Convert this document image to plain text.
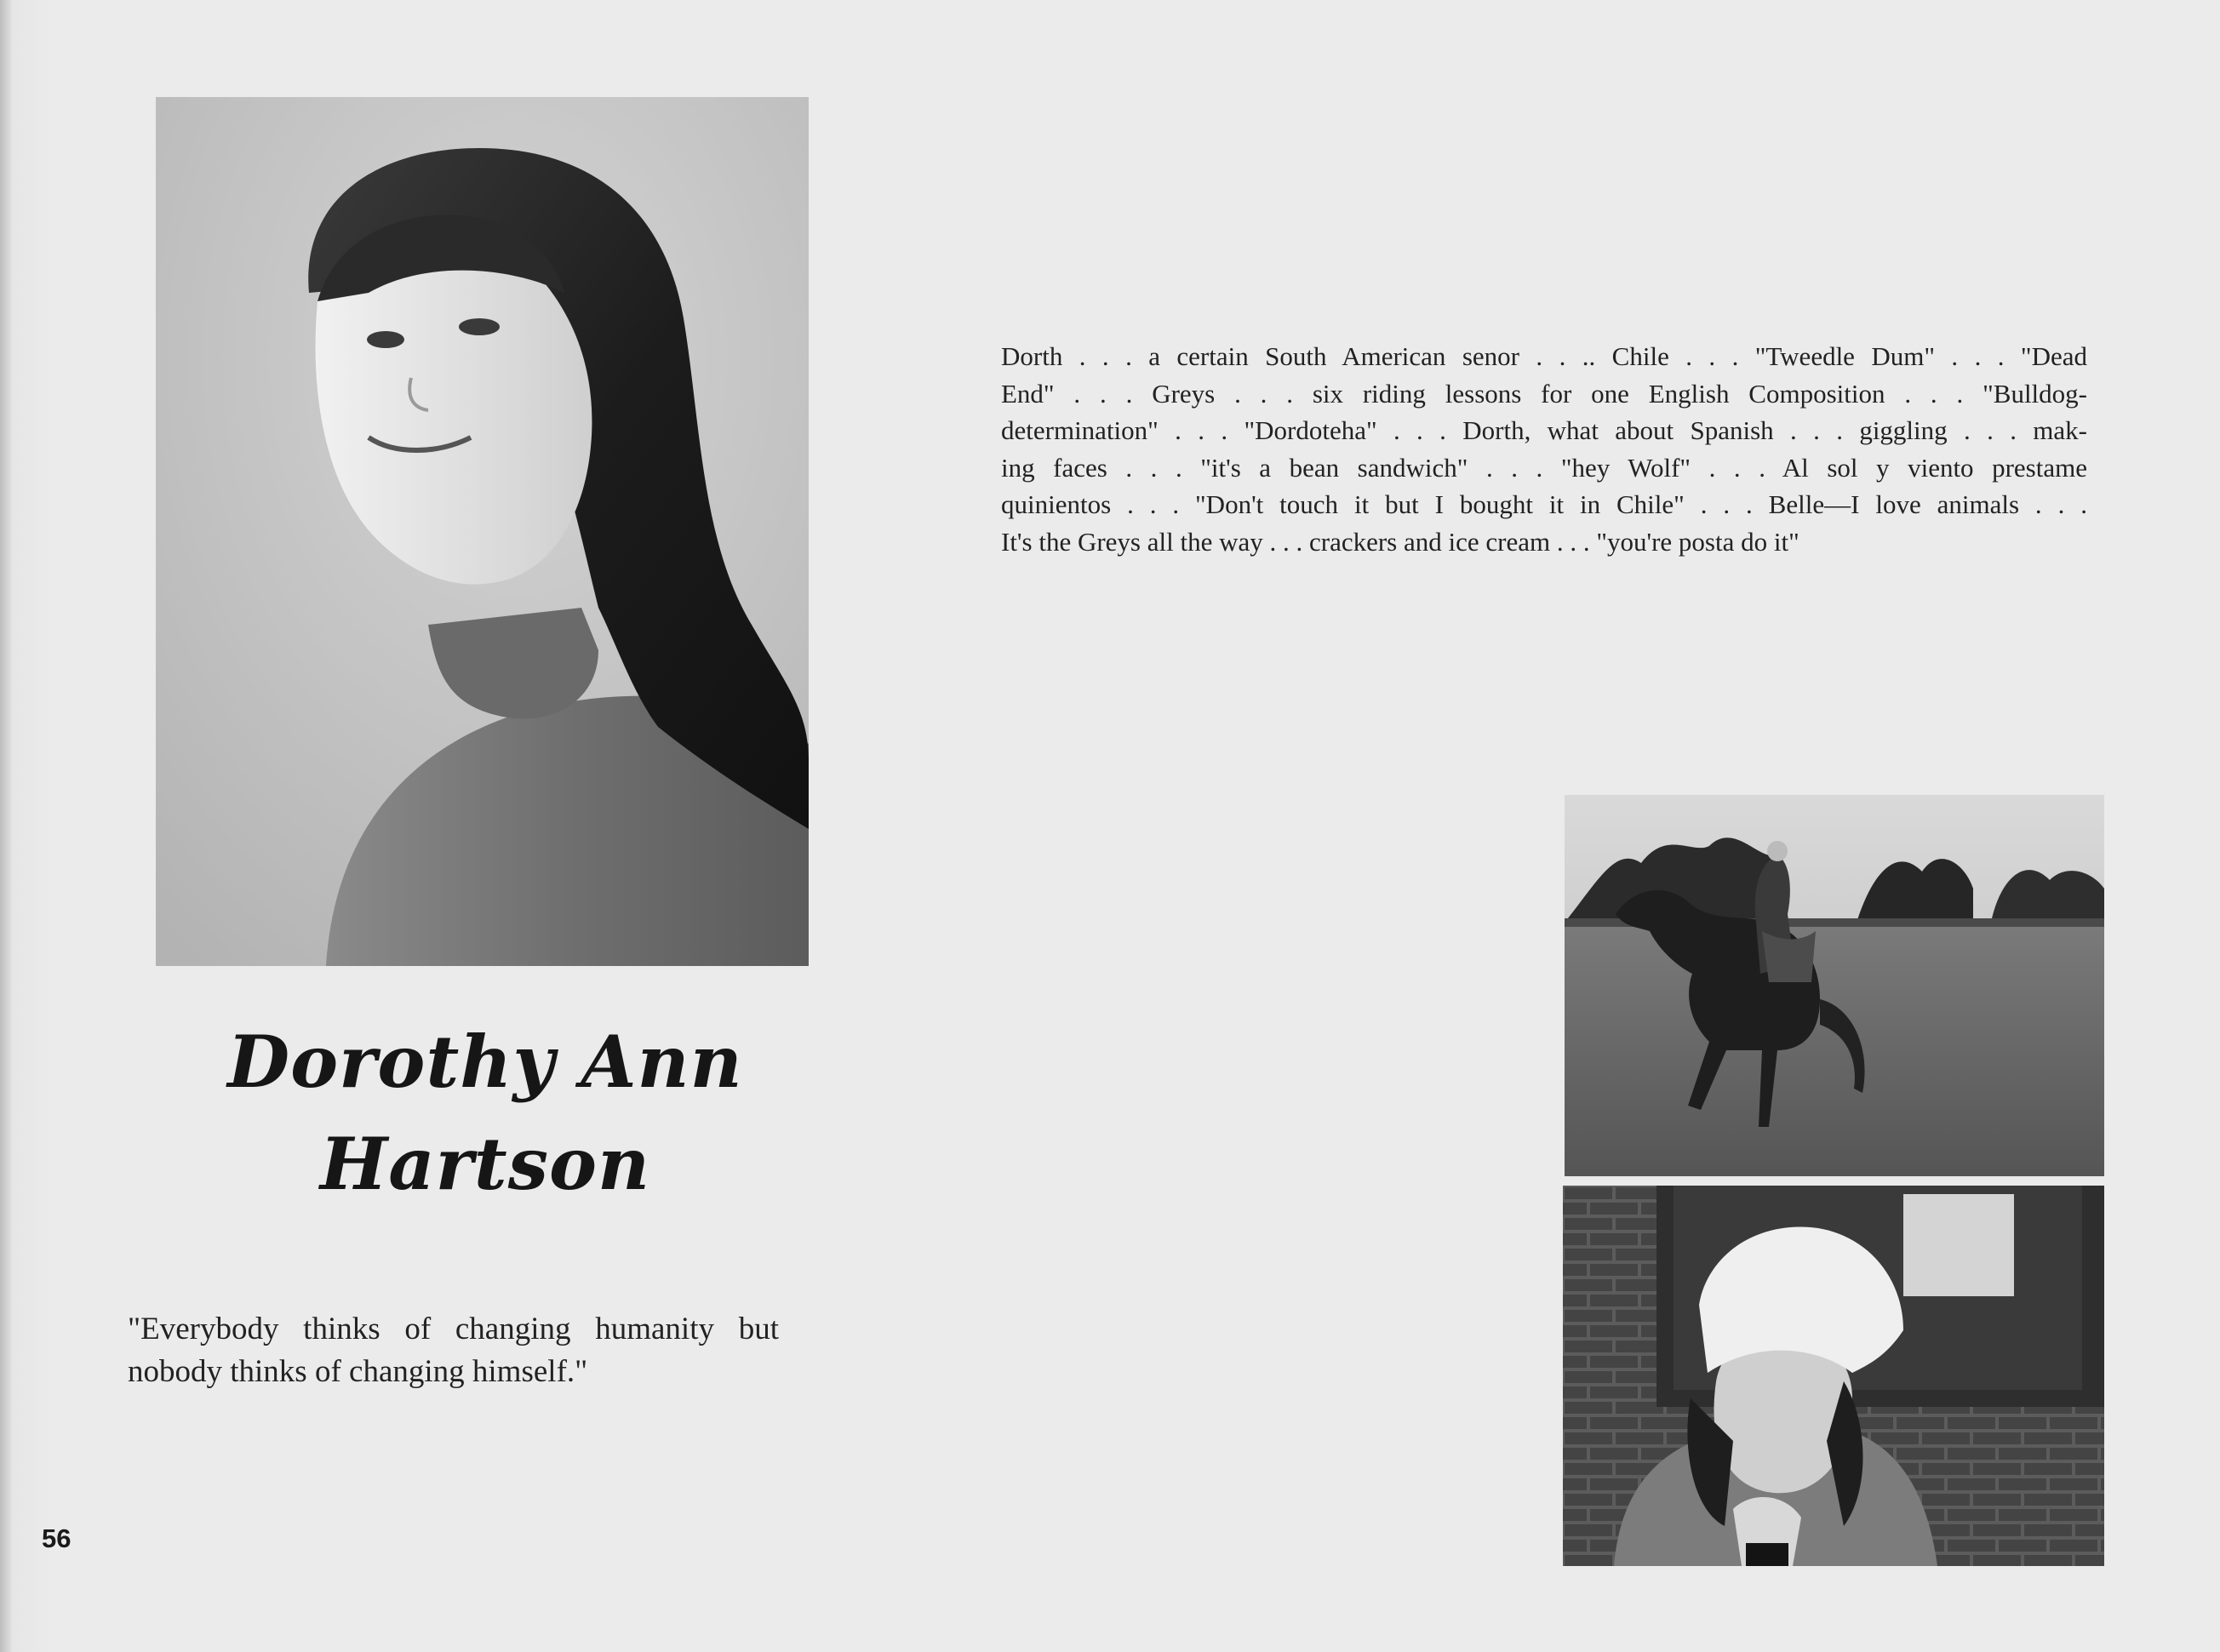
Dorothy Ann
Hartson

"Everybody thinks of changing humanity but

nobody thinks of changing himself."

Dorth . . . a certain South American senor . . .. Chile . . . "Tweedle Dum" . . . "Dead

End" . . . Greys . . . six riding lessons for one English Composition . . . "Bulldog-

determination" . . . "Dordoteha" . . . Dorth, what about Spanish . . . giggling . . . mak-

ing faces . . . "it's a bean sandwich" . . . "hey Wolf" . . . Al sol y viento prestame

quinientos . . . "Don't touch it but I bought it in Chile" . . . Belle—I love animals . . .

It's the Greys all the way . . . crackers and ice cream . . . "you're posta do it"

56
